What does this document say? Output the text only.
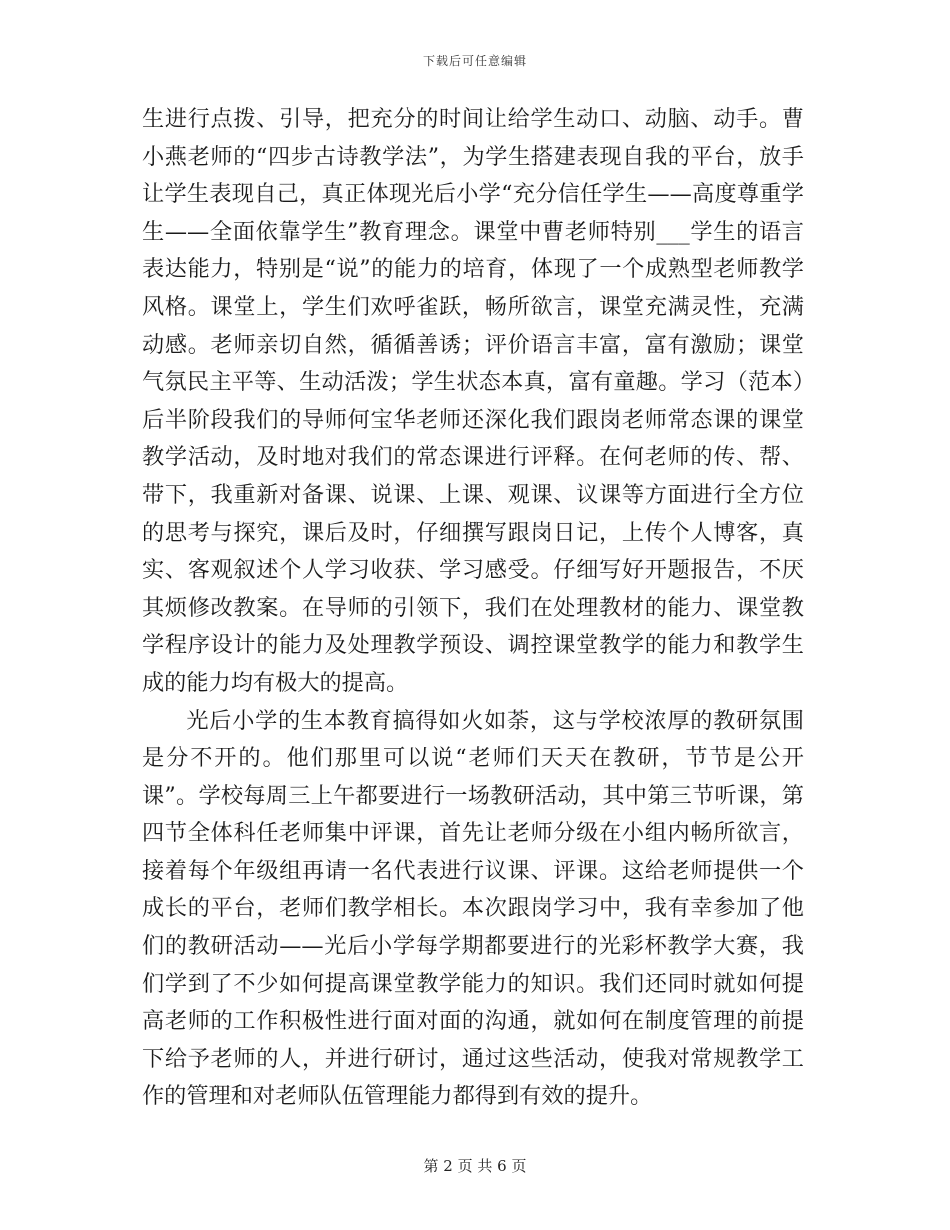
下载后可任意编辑

生进行点拨、引导，把充分的时间让给学生动口、动脑、动手。曹小燕老师的“四步古诗教学法”，为学生搭建表现自我的平台，放手让学生表现自己，真正体现光后小学“充分信任学生——高度尊重学生——全面依靠学生”教育理念。课堂中曹老师特别___学生的语言表达能力，特别是“说”的能力的培育，体现了一个成熟型老师教学风格。课堂上，学生们欢呼雀跃，畅所欲言，课堂充满灵性，充满动感。老师亲切自然，循循善诱；评价语言丰富，富有激励；课堂气氛民主平等、生动活泼；学生状态本真，富有童趣。学习（范本）后半阶段我们的导师何宝华老师还深化我们跟岗老师常态课的课堂教学活动，及时地对我们的常态课进行评释。在何老师的传、帮、带下，我重新对备课、说课、上课、观课、议课等方面进行全方位的思考与探究，课后及时，仔细撰写跟岗日记，上传个人博客，真实、客观叙述个人学习收获、学习感受。仔细写好开题报告，不厌其烦修改教案。在导师的引领下，我们在处理教材的能力、课堂教学程序设计的能力及处理教学预设、调控课堂教学的能力和教学生成的能力均有极大的提高。

光后小学的生本教育搞得如火如荼，这与学校浓厚的教研氛围是分不开的。他们那里可以说“老师们天天在教研，节节是公开课”。学校每周三上午都要进行一场教研活动，其中第三节听课，第四节全体科任老师集中评课，首先让老师分级在小组内畅所欲言，接着每个年级组再请一名代表进行议课、评课。这给老师提供一个成长的平台，老师们教学相长。本次跟岗学习中，我有幸参加了他们的教研活动——光后小学每学期都要进行的光彩杯教学大赛，我们学到了不少如何提高课堂教学能力的知识。我们还同时就如何提高老师的工作积极性进行面对面的沟通，就如何在制度管理的前提下给予老师的人，并进行研讨，通过这些活动，使我对常规教学工作的管理和对老师队伍管理能力都得到有效的提升。

第 2 页 共 6 页
